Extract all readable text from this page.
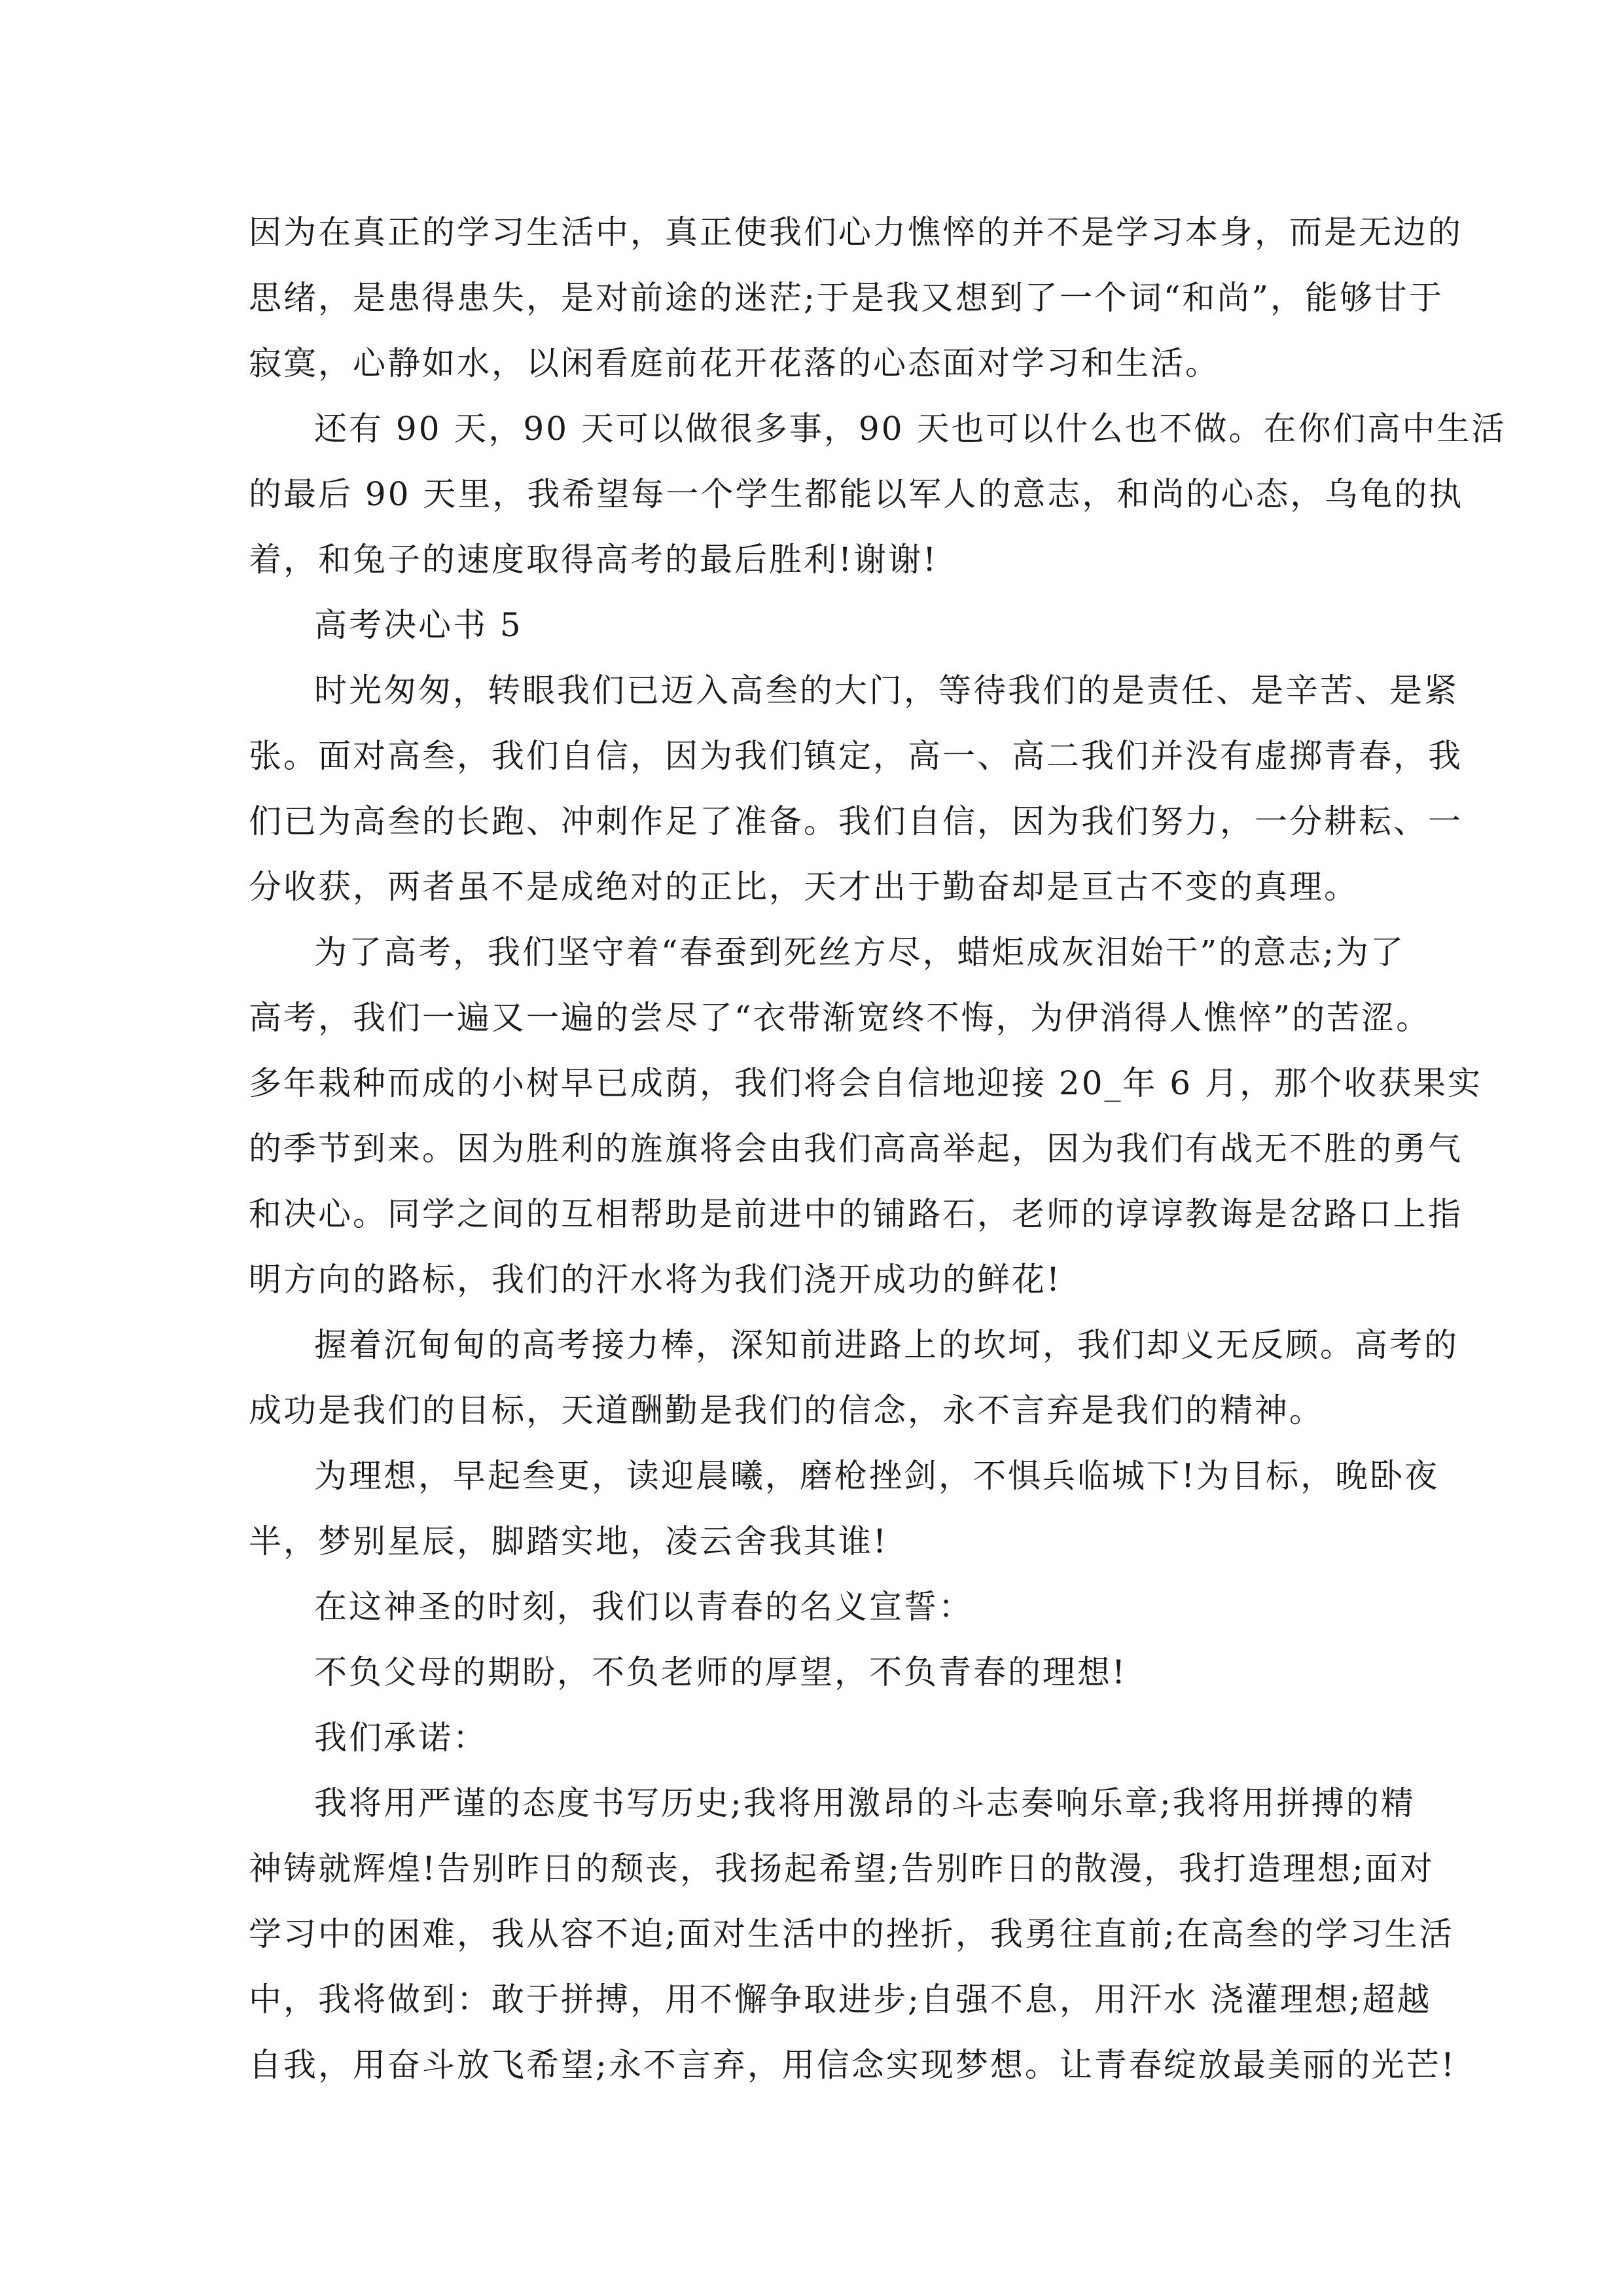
因为在真正的学习生活中，真正使我们心力憔悴的并不是学习本身，而是无边的
思绪，是患得患失，是对前途的迷茫;于是我又想到了一个词“和尚”，能够甘于
寂寞，心静如水，以闲看庭前花开花落的心态面对学习和生活。
还有 90 天，90 天可以做很多事，90 天也可以什么也不做。在你们高中生活
的最后 90 天里，我希望每一个学生都能以军人的意志，和尚的心态，乌龟的执
着，和兔子的速度取得高考的最后胜利!谢谢!
高考决心书 5
时光匆匆，转眼我们已迈入高叁的大门，等待我们的是责任、是辛苦、是紧
张。面对高叁，我们自信，因为我们镇定，高一、高二我们并没有虚掷青春，我
们已为高叁的长跑、冲刺作足了准备。我们自信，因为我们努力，一分耕耘、一
分收获，两者虽不是成绝对的正比，天才出于勤奋却是亘古不变的真理。
为了高考，我们坚守着“春蚕到死丝方尽，蜡炬成灰泪始干”的意志;为了
高考，我们一遍又一遍的尝尽了“衣带渐宽终不悔，为伊消得人憔悴”的苦涩。
多年栽种而成的小树早已成荫，我们将会自信地迎接 20_年 6 月，那个收获果实
的季节到来。因为胜利的旌旗将会由我们高高举起，因为我们有战无不胜的勇气
和决心。同学之间的互相帮助是前进中的铺路石，老师的谆谆教诲是岔路口上指
明方向的路标，我们的汗水将为我们浇开成功的鲜花!
握着沉甸甸的高考接力棒，深知前进路上的坎坷，我们却义无反顾。高考的
成功是我们的目标，天道酬勤是我们的信念，永不言弃是我们的精神。
为理想，早起叁更，读迎晨曦，磨枪挫剑，不惧兵临城下!为目标，晚卧夜
半，梦别星辰，脚踏实地，凌云舍我其谁!
在这神圣的时刻，我们以青春的名义宣誓：
不负父母的期盼，不负老师的厚望，不负青春的理想!
我们承诺：
我将用严谨的态度书写历史;我将用激昂的斗志奏响乐章;我将用拼搏的精
神铸就辉煌!告别昨日的颓丧，我扬起希望;告别昨日的散漫，我打造理想;面对
学习中的困难，我从容不迫;面对生活中的挫折，我勇往直前;在高叁的学习生活
中，我将做到：敢于拼搏，用不懈争取进步;自强不息，用汗水 浇灌理想;超越
自我，用奋斗放飞希望;永不言弃，用信念实现梦想。让青春绽放最美丽的光芒!
